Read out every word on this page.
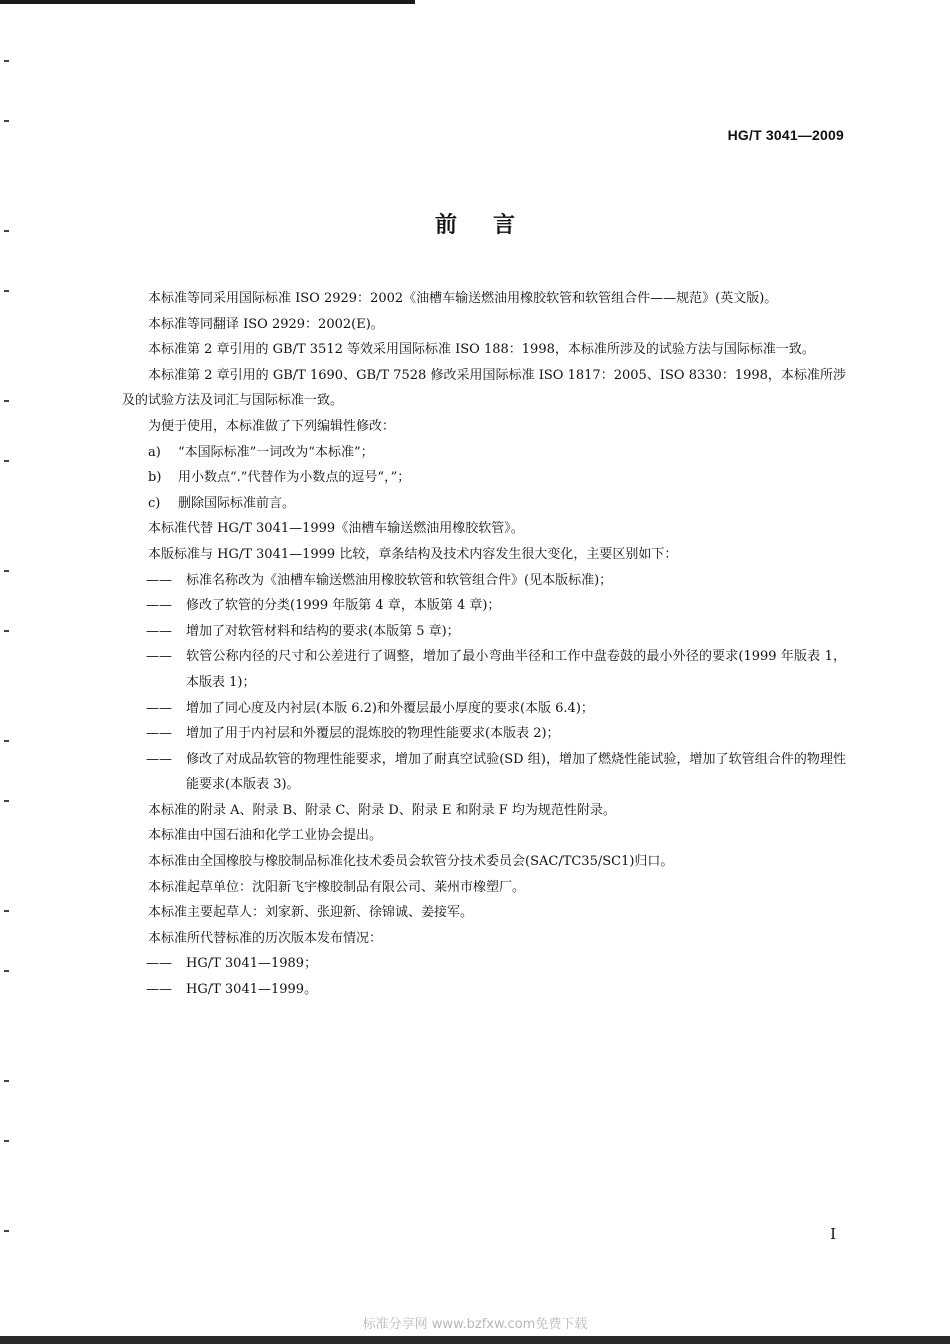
HG/T 3041—2009
前言

本标准等同采用国际标准 ISO 2929：2002《油槽车输送燃油用橡胶软管和软管组合件——规范》(英文版)。

本标准等同翻译 ISO 2929：2002(E)。

本标准第 2 章引用的 GB/T 3512 等效采用国际标准 ISO 188：1998，本标准所涉及的试验方法与国际标准一致。

本标准第 2 章引用的 GB/T 1690、GB/T 7528 修改采用国际标准 ISO 1817：2005、ISO 8330：1998，本标准所涉及的试验方法及词汇与国际标准一致。

为便于使用，本标准做了下列编辑性修改：

a) “本国际标准”一词改为“本标准”；

b) 用小数点“.”代替作为小数点的逗号“，”；

c) 删除国际标准前言。

本标准代替 HG/T 3041—1999《油槽车输送燃油用橡胶软管》。

本版标准与 HG/T 3041—1999 比较，章条结构及技术内容发生很大变化，主要区别如下：

—— 标准名称改为《油槽车输送燃油用橡胶软管和软管组合件》(见本版标准)；

—— 修改了软管的分类(1999 年版第 4 章，本版第 4 章)；

—— 增加了对软管材料和结构的要求(本版第 5 章)；

—— 软管公称内径的尺寸和公差进行了调整，增加了最小弯曲半径和工作中盘卷鼓的最小外径的要求(1999 年版表 1，本版表 1)；

—— 增加了同心度及内衬层(本版 6.2)和外覆层最小厚度的要求(本版 6.4)；

—— 增加了用于内衬层和外覆层的混炼胶的物理性能要求(本版表 2)；

—— 修改了对成品软管的物理性能要求，增加了耐真空试验(SD 组)，增加了燃烧性能试验，增加了软管组合件的物理性能要求(本版表 3)。

本标准的附录 A、附录 B、附录 C、附录 D、附录 E 和附录 F 均为规范性附录。

本标准由中国石油和化学工业协会提出。

本标准由全国橡胶与橡胶制品标准化技术委员会软管分技术委员会(SAC/TC35/SC1)归口。

本标准起草单位：沈阳新飞宇橡胶制品有限公司、莱州市橡塑厂。

本标准主要起草人：刘家新、张迎新、徐锦诚、姜接军。

本标准所代替标准的历次版本发布情况：

—— HG/T 3041—1989；

—— HG/T 3041—1999。

I
标准分享网 www.bzfxw.com免费下载
